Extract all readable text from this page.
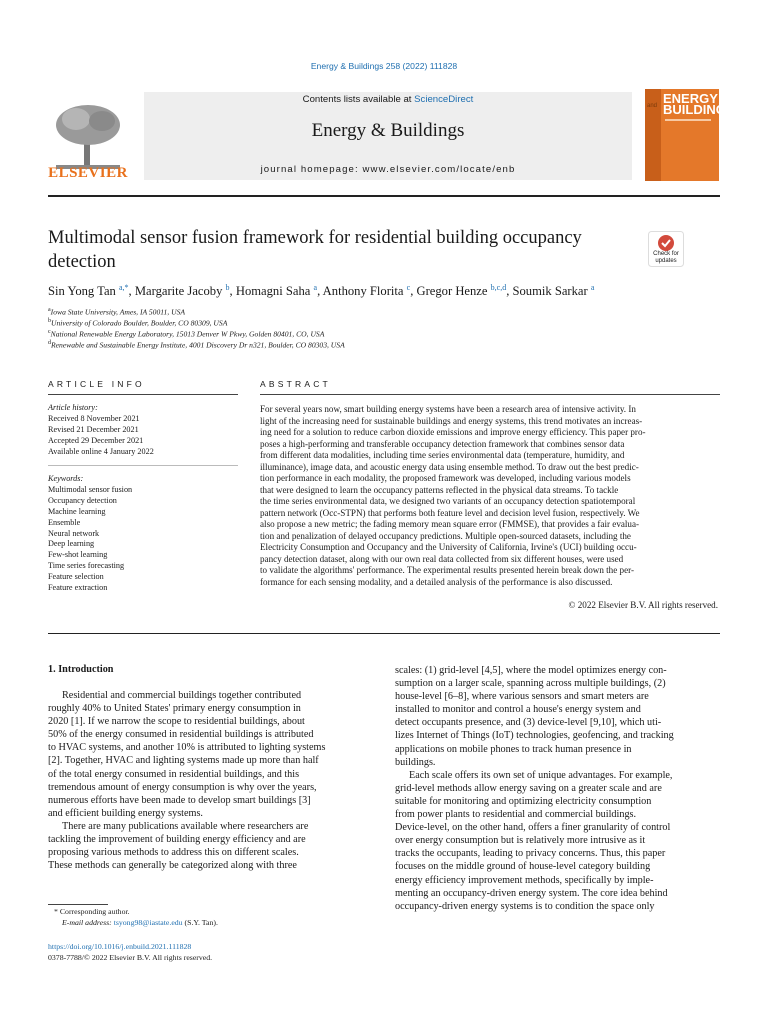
Energy & Buildings 258 (2022) 111828
ELSEVIER
Contents lists available at ScienceDirect
Energy & Buildings
journal homepage: www.elsevier.com/locate/enb
ENERGY
BUILDINGS
and
Multimodal sensor fusion framework for residential building occupancy detection	Check for
updates
Sin Yong Tan $^{a,*}$, Margarite Jacoby $^b$, Homagni Saha $^a$, Anthony Florita $^c$, Gregor Henze $^{b,c,d}$, Soumik Sarkar $^a$
$^a$Iowa State University, Ames, IA 50011, USA
$^b$University of Colorado Boulder, Boulder, CO 80309, USA
$^c$National Renewable Energy Laboratory, 15013 Denver W Pkwy, Golden 80401, CO, USA
$^d$Renewable and Sustainable Energy Institute, 4001 Discovery Dr n321, Boulder, CO 80303, USA
ARTICLE INFO
Article history:
Received 8 November 2021
Revised 21 December 2021
Accepted 29 December 2021
Available online 4 January 2022
Keywords:
Multimodal sensor fusion
Occupancy detection
Machine learning
Ensemble
Neural network
Deep learning
Few-shot learning
Time series forecasting
Feature selection
Feature extraction
ABSTRACT
For several years now, smart building energy systems have been a research area of intensive activity. In
light of the increasing need for sustainable buildings and energy systems, this trend motivates an increas-
ing need for a solution to reduce carbon dioxide emissions and improve energy efficiency. This paper pro-
poses a high-performing and transferable occupancy detection framework that combines sensor data
from different data modalities, including time series environmental data (temperature, humidity, and
illuminance), image data, and acoustic energy data using ensemble method. To draw out the best predic-
tion performance in each modality, the proposed framework was developed, including various models
that were designed to learn the occupancy patterns reflected in the physical data streams. To tackle
the time series environmental data, we designed two variants of an occupancy detection spatiotemporal
pattern network (Occ-STPN) that performs both feature level and decision level fusion, respectively. We
also propose a new metric; the fading memory mean square error (FMMSE), that provides a fair evalua-
tion and penalization of delayed occupancy predictions. Multiple open-sourced datasets, including the
Electricity Consumption and Occupancy and the University of California, Irvine's (UCI) building occu-
pancy detection dataset, along with our own real data collected from six different houses, were used
to validate the algorithms' performance. The experimental results presented herein break down the per-
formance for each sensing modality, and a detailed analysis of the performance is also discussed.
© 2022 Elsevier B.V. All rights reserved.
1. Introduction
Residential and commercial buildings together contributed
roughly 40% to United States' primary energy consumption in
2020 [1]. If we narrow the scope to residential buildings, about
50% of the energy consumed in residential buildings is attributed
to HVAC systems, and another 10% is attributed to lighting systems
[2]. Together, HVAC and lighting systems made up more than half
of the total energy consumed in residential buildings, and this
tremendous amount of energy consumption is why over the years,
numerous efforts have been made to develop smart buildings [3]
and efficient building energy systems.
There are many publications available where researchers are
tackling the improvement of building energy efficiency and are
proposing various methods to address this on different scales.
These methods can generally be categorized along with three
* Corresponding author.
E-mail address: tsyong98@iastate.edu (S.Y. Tan).
https://doi.org/10.1016/j.enbuild.2021.111828
0378-7788/© 2022 Elsevier B.V. All rights reserved.
scales: (1) grid-level [4,5], where the model optimizes energy con-
sumption on a larger scale, spanning across multiple buildings, (2)
house-level [6–8], where various sensors and smart meters are
installed to monitor and control a house's energy system and
detect occupants presence, and (3) device-level [9,10], which uti-
lizes Internet of Things (IoT) technologies, geofencing, and tracking
applications on mobile phones to track human presence in
buildings.
Each scale offers its own set of unique advantages. For example,
grid-level methods allow energy saving on a greater scale and are
suitable for monitoring and optimizing electricity consumption
from power plants to residential and commercial buildings.
Device-level, on the other hand, offers a finer granularity of control
over energy consumption but is relatively more intrusive as it
tracks the occupants, leading to privacy concerns. Thus, this paper
focuses on the middle ground of house-level category building
energy efficiency improvement methods, specifically by imple-
menting an occupancy-driven energy system. The core idea behind
occupancy-driven energy systems is to condition the space only
